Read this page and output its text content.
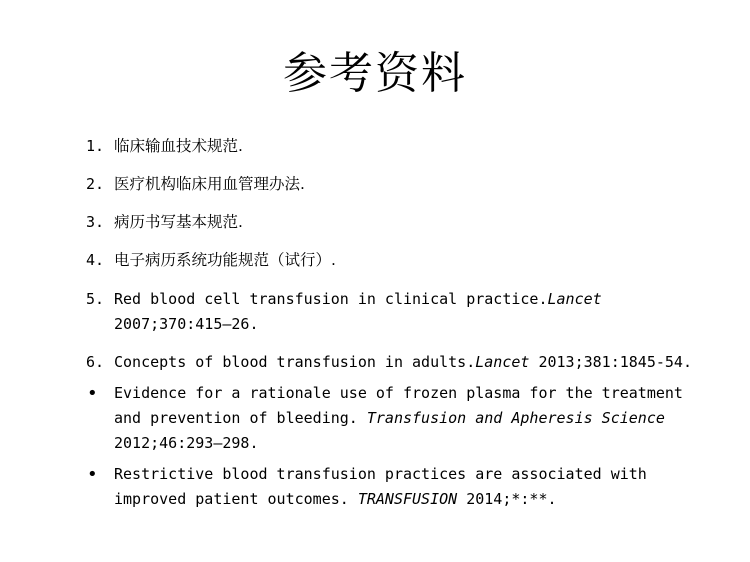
参考资料
1. 临床输血技术规范.
2. 医疗机构临床用血管理办法.
3. 病历书写基本规范.
4. 电子病历系统功能规范（试行）.
5. Red blood cell transfusion in clinical practice.Lancet
2007;370:415–26.
6. Concepts of blood transfusion in adults.Lancet 2013;381:1845-54.
• Evidence for a rationale use of frozen plasma for the treatment
and prevention of bleeding. Transfusion and Apheresis Science
2012;46:293–298.
• Restrictive blood transfusion practices are associated with
improved patient outcomes. TRANSFUSION 2014;*:**.
